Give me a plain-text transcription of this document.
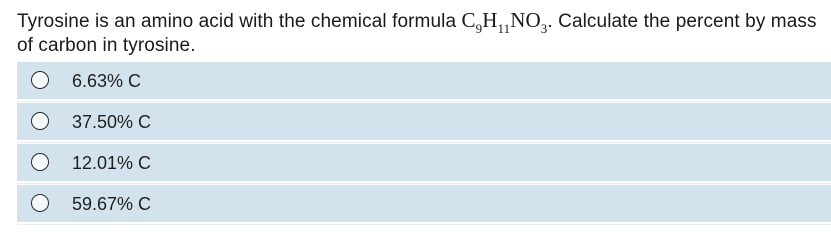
Tyrosine is an amino acid with the chemical formula $C_9H_{11}NO_3$. Calculate the percent by mass of carbon in tyrosine.
6.63% C
37.50% C
12.01% C
59.67% C
